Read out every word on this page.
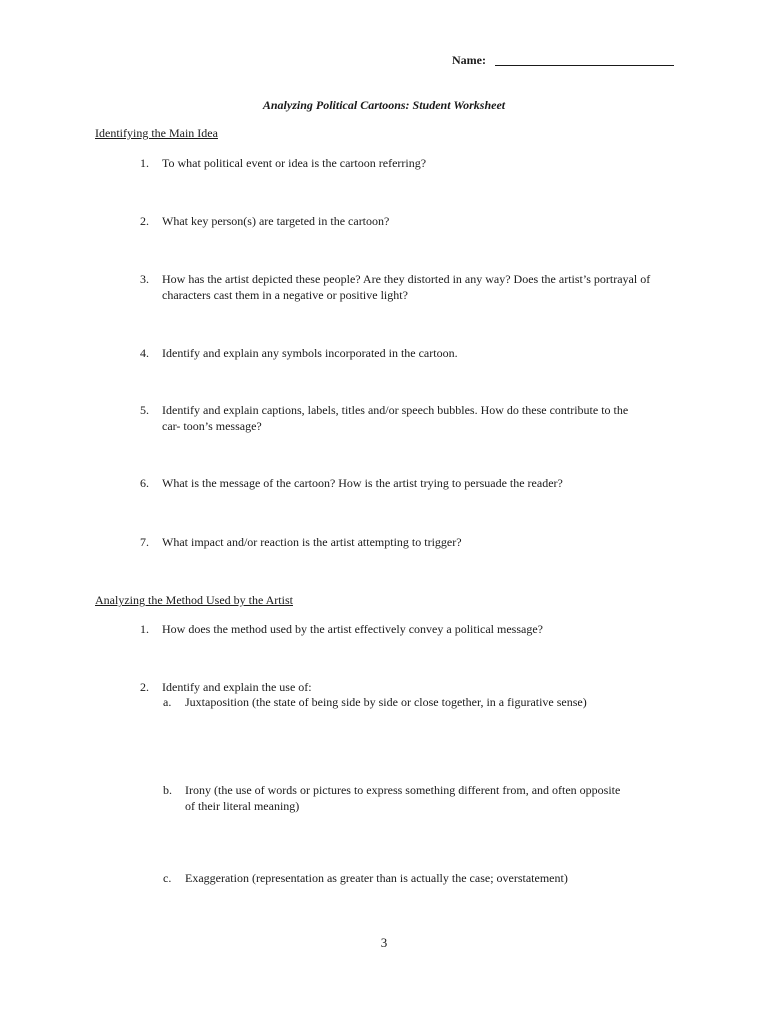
Name:
Analyzing Political Cartoons: Student Worksheet
Identifying the Main Idea
1. To what political event or idea is the cartoon referring?
2. What key person(s) are targeted in the cartoon?
3. How has the artist depicted these people? Are they distorted in any way? Does the artist’s portrayal of
characters cast them in a negative or positive light?
4. Identify and explain any symbols incorporated in the cartoon.
5. Identify and explain captions, labels, titles and/or speech bubbles. How do these contribute to the
car- toon’s message?
6. What is the message of the cartoon? How is the artist trying to persuade the reader?
7. What impact and/or reaction is the artist attempting to trigger?
Analyzing the Method Used by the Artist
1. How does the method used by the artist effectively convey a political message?
2. Identify and explain the use of:
a. Juxtaposition (the state of being side by side or close together, in a figurative sense)
b. Irony (the use of words or pictures to express something different from, and often opposite
of their literal meaning)
c. Exaggeration (representation as greater than is actually the case; overstatement)
3
